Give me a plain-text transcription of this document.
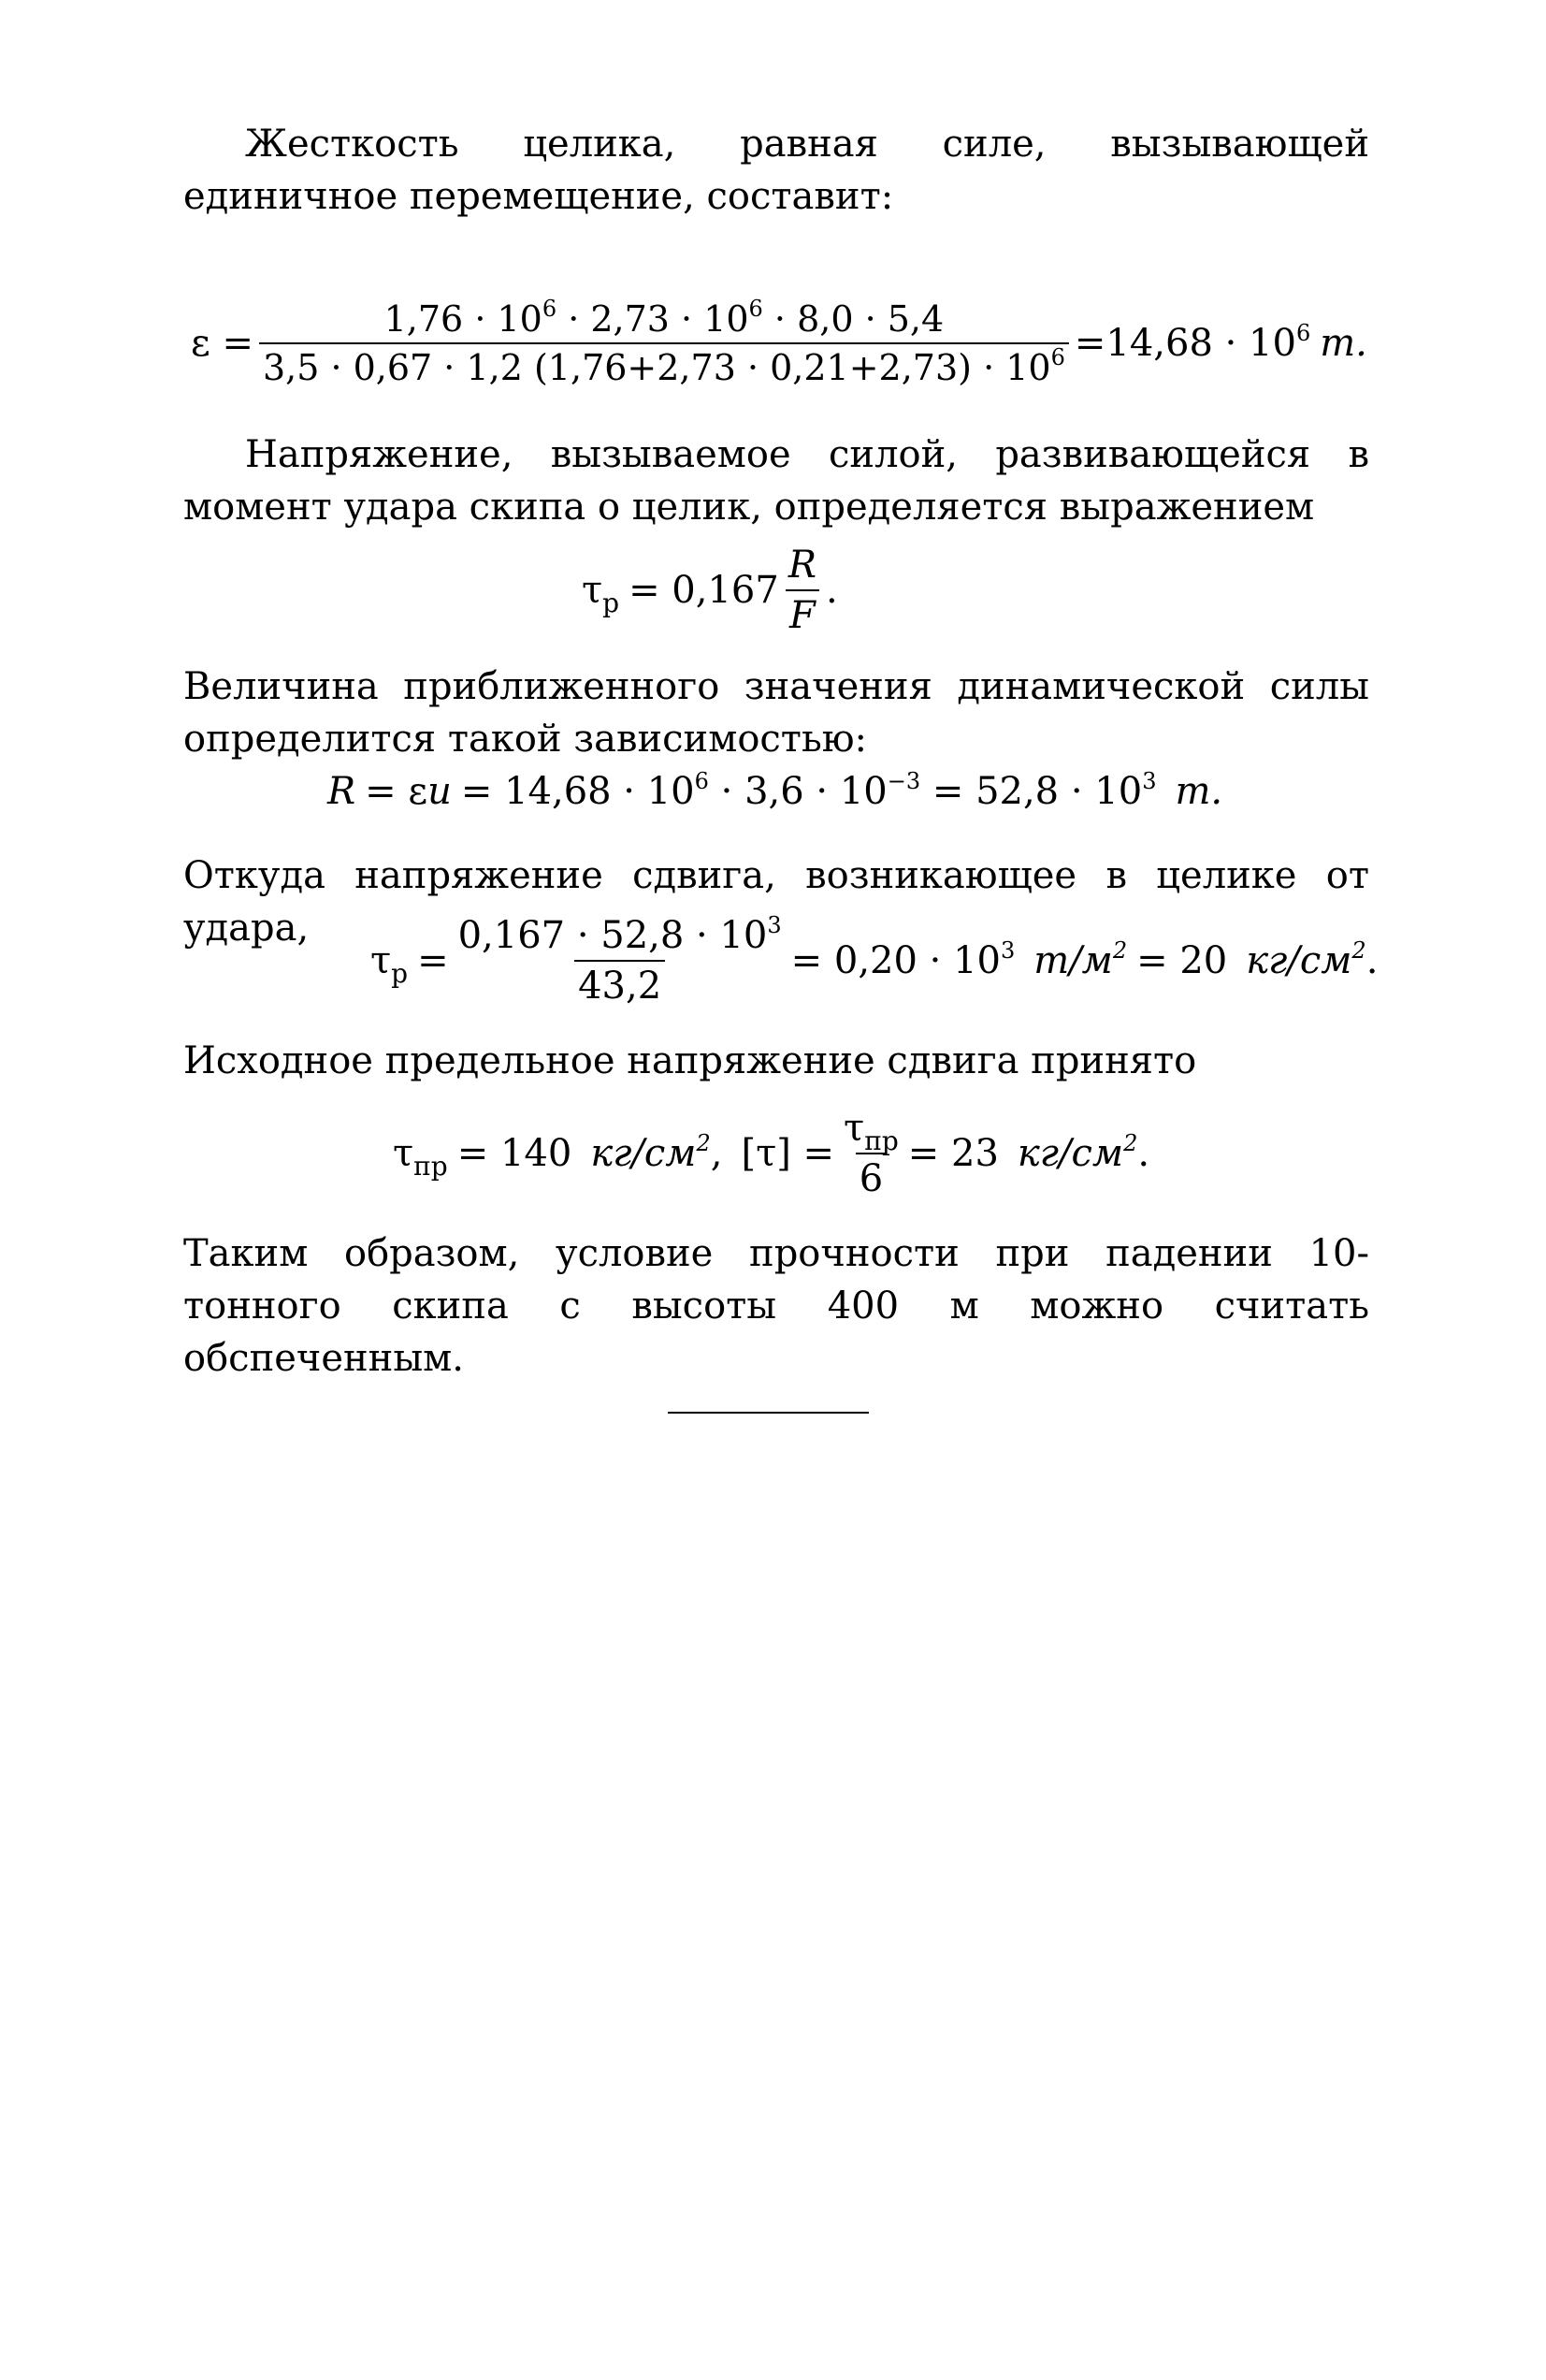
Жесткость целика, равная силе, вызывающей единичное перемещение, составит:

$\varepsilon = \frac{1,76 \cdot 10^6 \cdot 2,73 \cdot 10^6 \cdot 8,0 \cdot 5,4}{3,5 \cdot 0,67 \cdot 1,2 (1,76+2,73 \cdot 0,21+2,73) \cdot 10^6} =14,68 \cdot 10^6$ т.

Напряжение, вызываемое силой, развивающейся в момент удара скипа о целик, определяется выражением

$\tau_р = 0,167 \frac{R}{F}$ .

Величина приближенного значения динамической силы определится такой зависимостью:

R = ε $u = 14,68 \cdot 10^6 \cdot 3,6 \cdot 10^{-3} = 52,8 \cdot 10^3$ т.

Откуда напряжение сдвига, возникающее в целике от удара,

$\tau_р = \frac{0,167 \cdot 52,8 \cdot 10^3}{43,2} = 0,20 \cdot 10^3$ $т/м^2 = 20$ $кг/см^2$ .

Исходное предельное напряжение сдвига принято

$\tau_{пр} = 140$ $кг/см^2$ , $[\tau] = \frac{\tau_{пр}}{6} = 23$ $кг/см^2$ .

Таким образом, условие прочности при падении 10-тонного скипа с высоты 400 м можно считать обспеченным.
